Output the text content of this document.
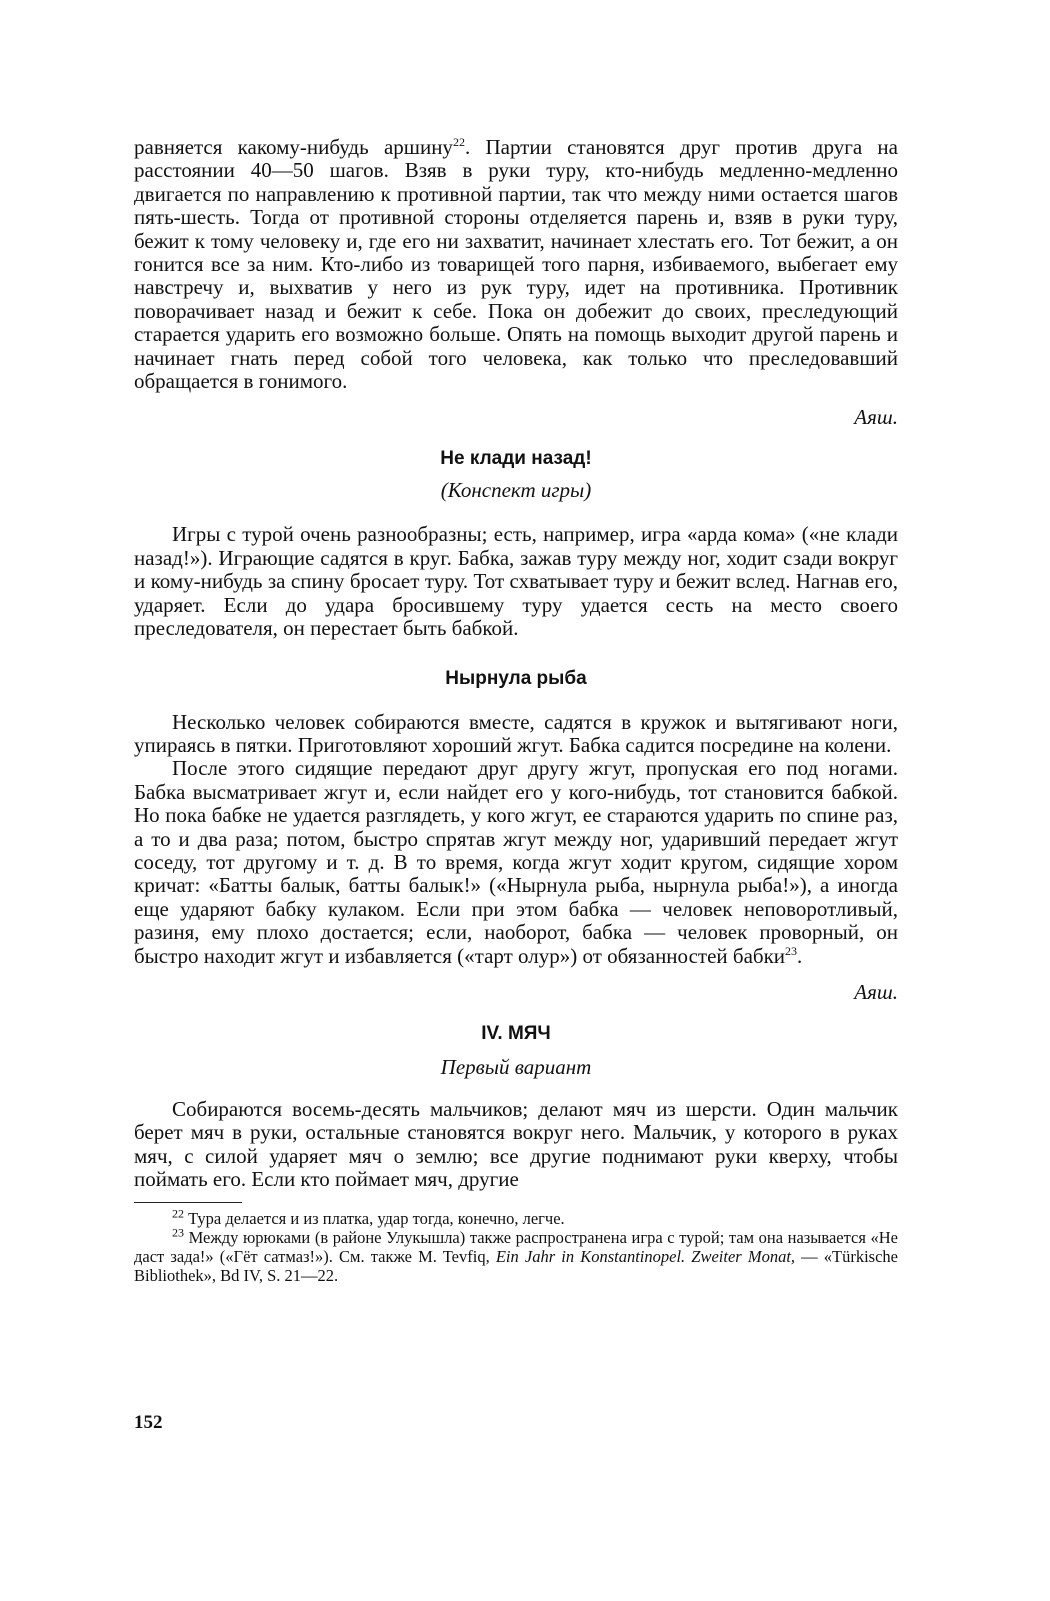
равняется какому-нибудь аршину$^{22}$. Партии становятся друг против друга на расстоянии 40—50 шагов. Взяв в руки туру, кто-нибудь медленно-медленно двигается по направлению к противной партии, так что между ними остается шагов пять-шесть. Тогда от противной стороны отделяется парень и, взяв в руки туру, бежит к тому человеку и, где его ни захватит, начинает хлестать его. Тот бежит, а он гонится все за ним. Кто-либо из товарищей того парня, избиваемого, выбегает ему навстречу и, выхватив у него из рук туру, идет на противника. Противник поворачивает назад и бежит к себе. Пока он добежит до своих, преследующий старается ударить его возможно больше. Опять на помощь выходит другой парень и начинает гнать перед собой того человека, как только что преследовавший обращается в гонимого.

Аяш.

Не клади назад!

(Конспект игры)

Игры с турой очень разнообразны; есть, например, игра «арда кома» («не клади назад!»). Играющие садятся в круг. Бабка, зажав туру между ног, ходит сзади вокруг и кому-нибудь за спину бросает туру. Тот схватывает туру и бежит вслед. Нагнав его, ударяет. Если до удара бросившему туру удается сесть на место своего преследователя, он перестает быть бабкой.

Нырнула рыба

Несколько человек собираются вместе, садятся в кружок и вытягивают ноги, упираясь в пятки. Приготовляют хороший жгут. Бабка садится посредине на колени.

После этого сидящие передают друг другу жгут, пропуская его под ногами. Бабка высматривает жгут и, если найдет его у кого-нибудь, тот становится бабкой. Но пока бабке не удается разглядеть, у кого жгут, ее стараются ударить по спине раз, а то и два раза; потом, быстро спрятав жгут между ног, ударивший передает жгут соседу, тот другому и т. д. В то время, когда жгут ходит кругом, сидящие хором кричат: «Батты балык, батты балык!» («Нырнула рыба, нырнула рыба!»), а иногда еще ударяют бабку кулаком. Если при этом бабка — человек неповоротливый, разиня, ему плохо достается; если, наоборот, бабка — человек проворный, он быстро находит жгут и избавляется («тарт олур») от обязанностей бабки$^{23}$.

Аяш.

IV. МЯЧ

Первый вариант

Собираются восемь-десять мальчиков; делают мяч из шерсти. Один мальчик берет мяч в руки, остальные становятся вокруг него. Мальчик, у которого в руках мяч, с силой ударяет мяч о землю; все другие поднимают руки кверху, чтобы поймать его. Если кто поймает мяч, другие

$^{22}$ Тура делается и из платка, удар тогда, конечно, легче.

$^{23}$ Между юрюками (в районе Улукышла) также распространена игра с турой; там она называется «Не даст зада!» («Гёт сатмаз!»). См. также M. Tevfiq, Ein Jahr in Konstantinopel. Zweiter Monat, — «Türkische Bibliothek», Bd IV, S. 21—22.

152
